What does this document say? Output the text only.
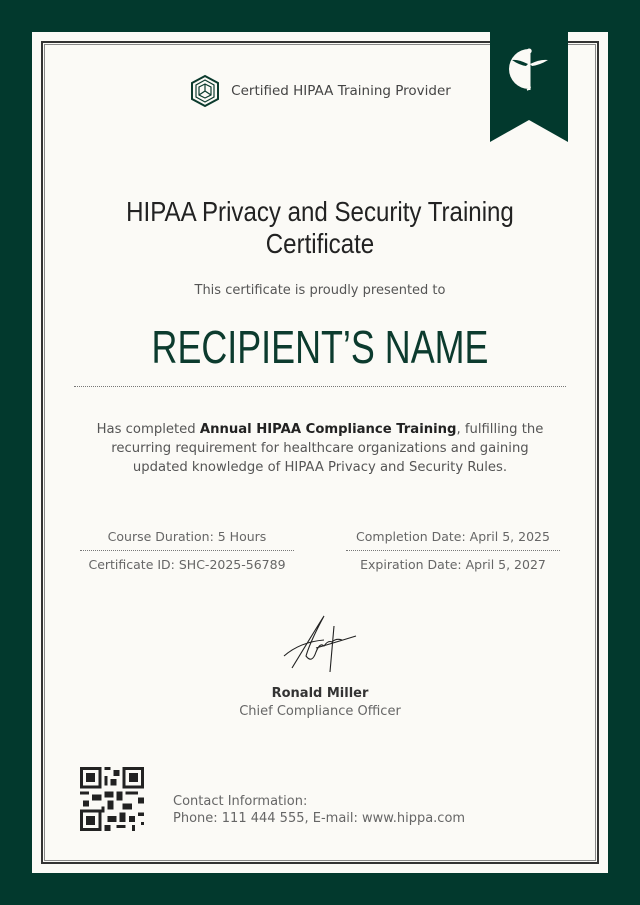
Certified HIPAA Training Provider
HIPAA Privacy and Security Training Certificate
This certificate is proudly presented to
RECIPIENT’S NAME
Has completed Annual HIPAA Compliance Training, fulfilling the recurring requirement for healthcare organizations and gaining updated knowledge of HIPAA Privacy and Security Rules.
Course Duration: 5 Hours
Certificate ID: SHC-2025-56789
Completion Date: April 5, 2025
Expiration Date: April 5, 2027
Ronald Miller
Chief Compliance Officer
Contact Information:
Phone: 111 444 555, E-mail: www.hippa.com
